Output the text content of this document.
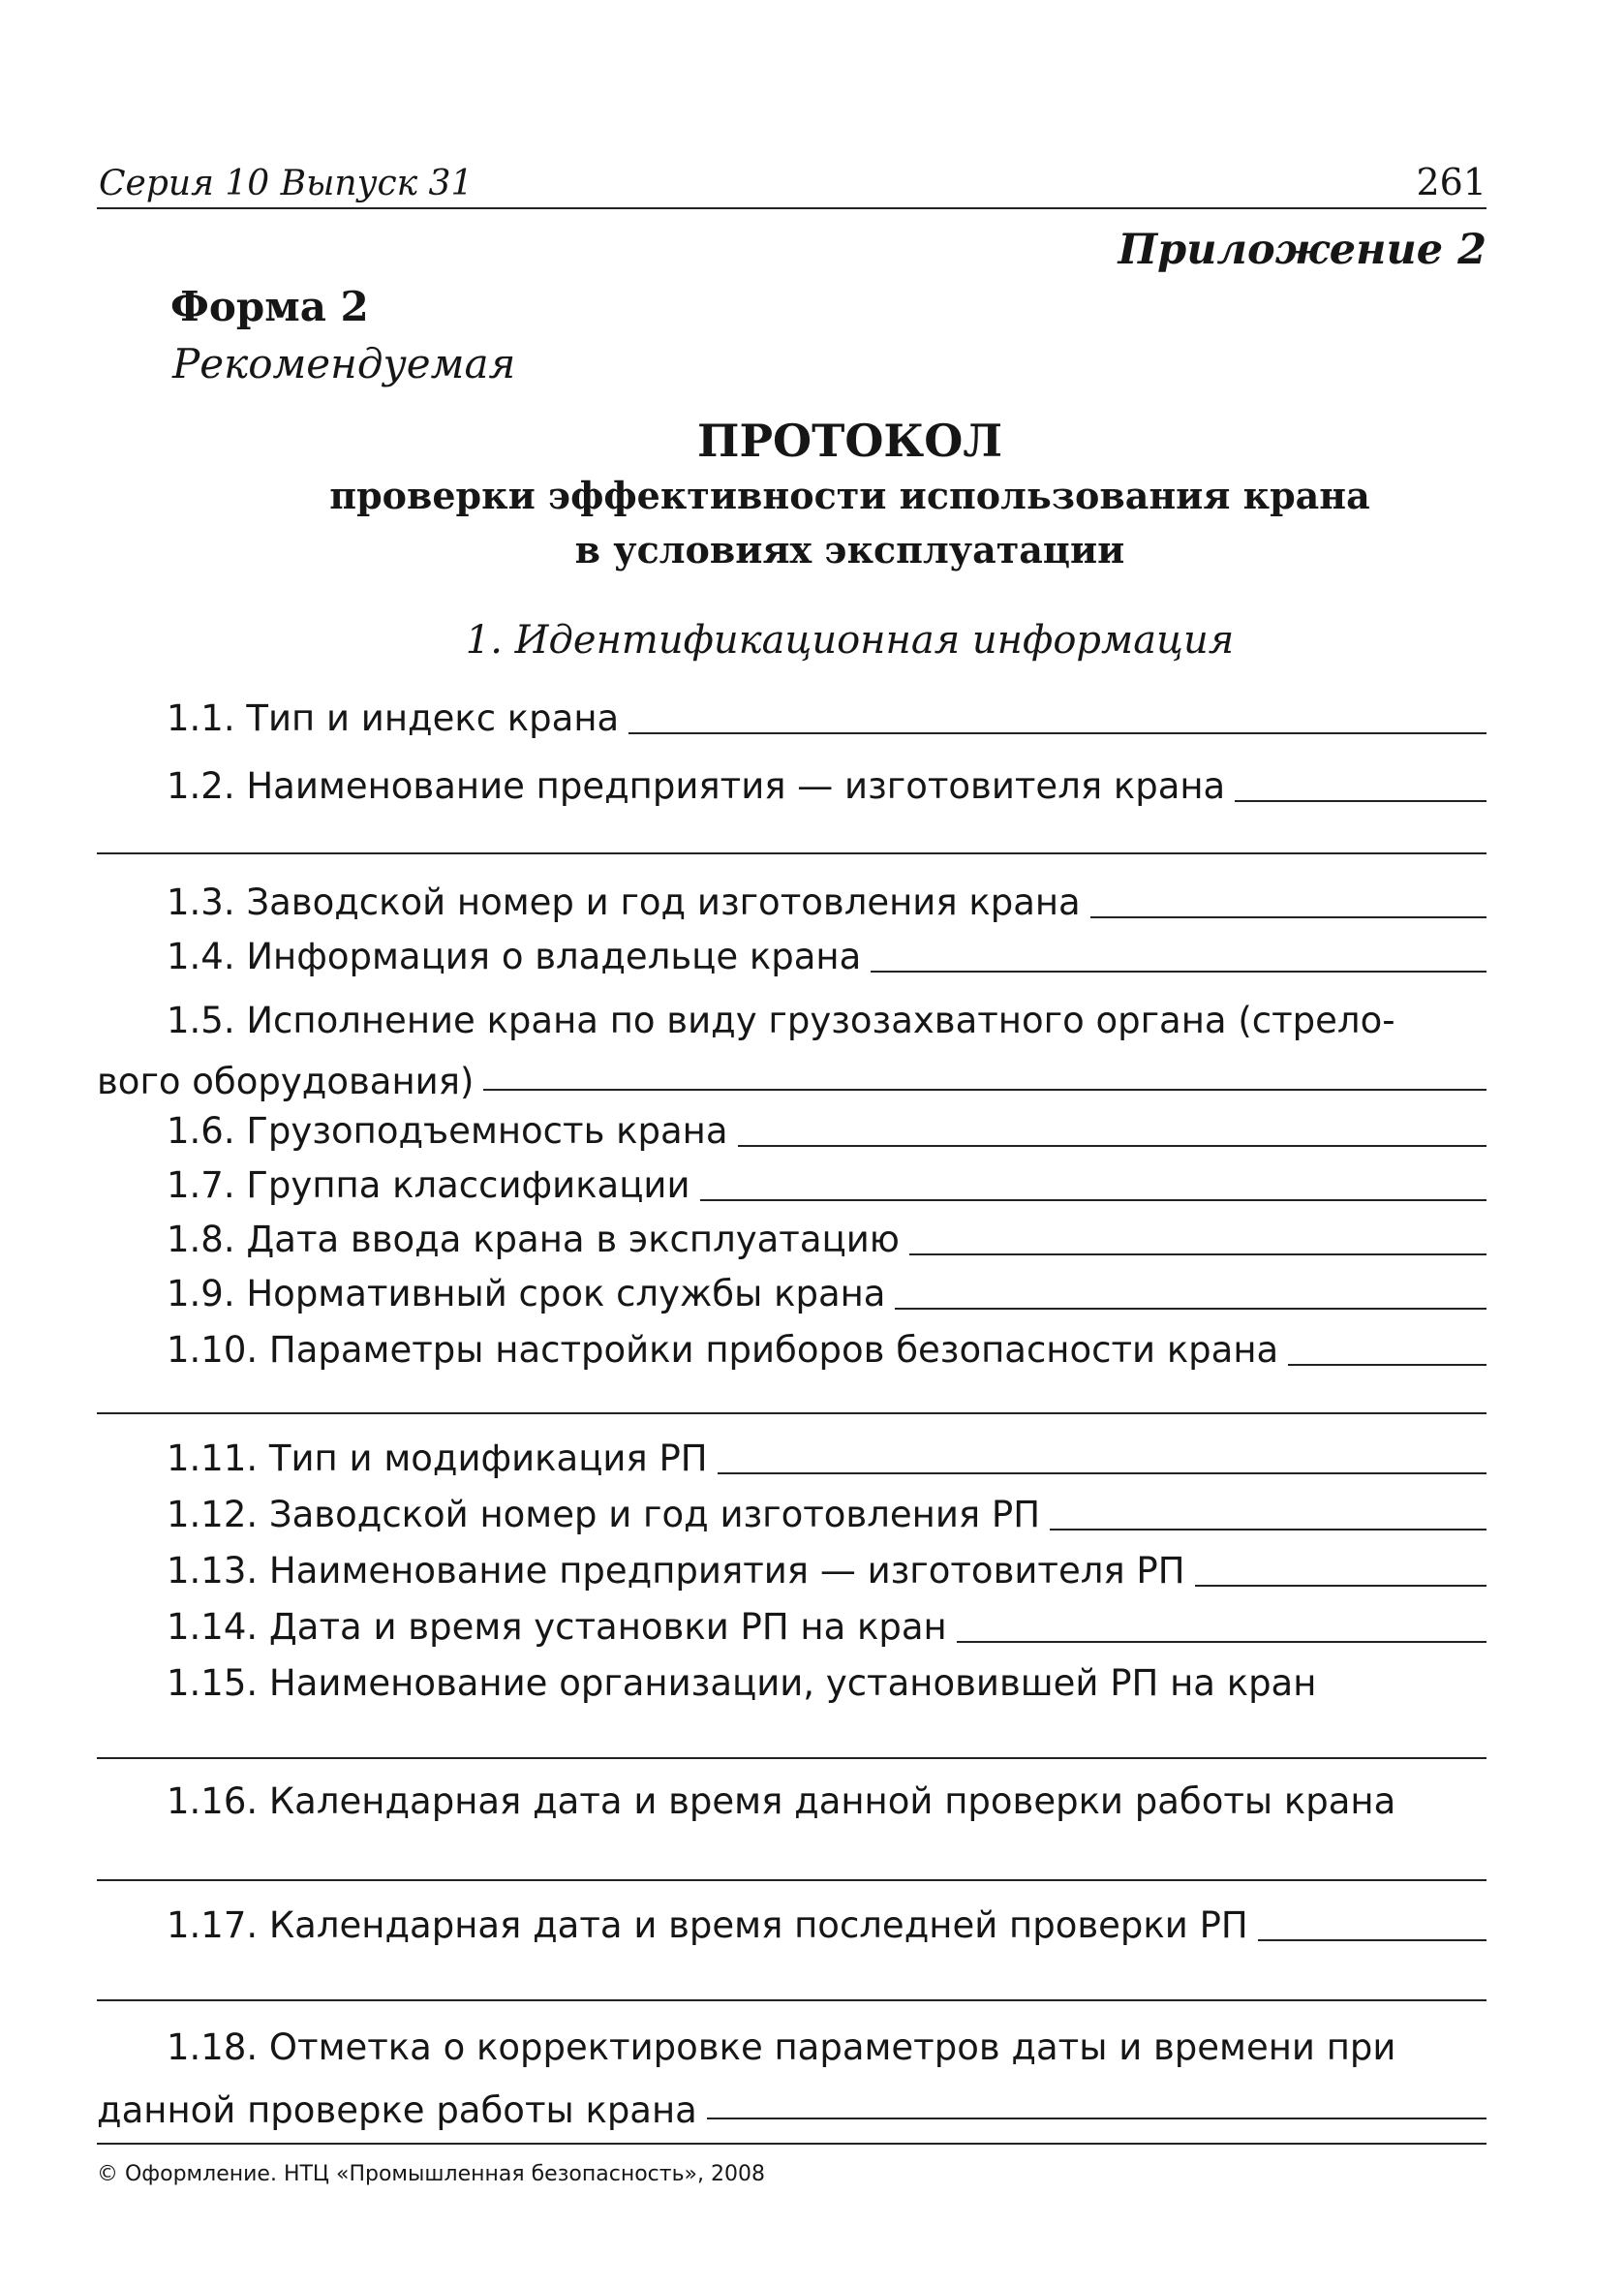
Серия 10 Выпуск 31	261
Приложение 2
Форма 2
Рекомендуемая
ПРОТОКОЛ
проверки эффективности использования крана
в условиях эксплуатации
1. Идентификационная информация
1.1. Тип и индекс крана
1.2. Наименование предприятия — изготовителя крана
1.3. Заводской номер и год изготовления крана
1.4. Информация о владельце крана
1.5. Исполнение крана по виду грузозахватного органа (стрело-
вого оборудования)
1.6. Грузоподъемность крана
1.7. Группа классификации
1.8. Дата ввода крана в эксплуатацию
1.9. Нормативный срок службы крана
1.10. Параметры настройки приборов безопасности крана
1.11. Тип и модификация РП
1.12. Заводской номер и год изготовления РП
1.13. Наименование предприятия — изготовителя РП
1.14. Дата и время установки РП на кран
1.15. Наименование организации, установившей РП на кран
1.16. Календарная дата и время данной проверки работы крана
1.17. Календарная дата и время последней проверки РП
1.18. Отметка о корректировке параметров даты и времени при
данной проверке работы крана
© Оформление. НТЦ «Промышленная безопасность», 2008
